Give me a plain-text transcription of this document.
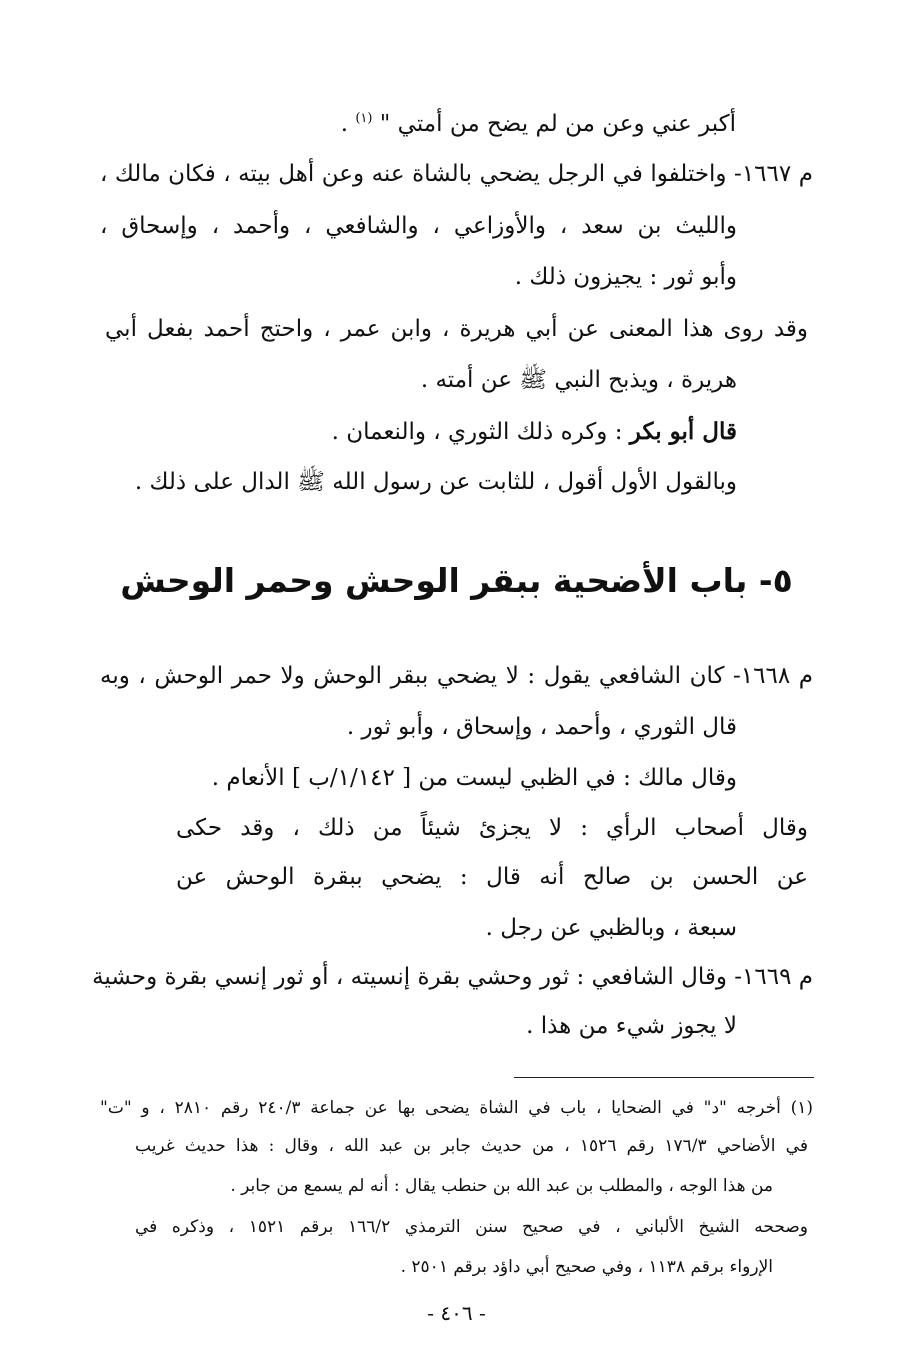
أكبر عني وعن من لم يضح من أمتي " $^{(١)}$ .
م ١٦٦٧- واختلفوا في الرجل يضحي بالشاة عنه وعن أهل بيته ، فكان مالك ،
والليث بن سعد ، والأوزاعي ، والشافعي ، وأحمد ، وإسحاق ،
وأبو ثور : يجيزون ذلك .
وقد روى هذا المعنى عن أبي هريرة ، وابن عمر ، واحتج أحمد بفعل أبي
هريرة ، ويذبح النبي ﷺ عن أمته .
قال أبو بكر : وكره ذلك الثوري ، والنعمان .
وبالقول الأول أقول ، للثابت عن رسول الله ﷺ الدال على ذلك .
٥- باب الأضحية ببقر الوحش وحمر الوحش
م ١٦٦٨- كان الشافعي يقول : لا يضحي ببقر الوحش ولا حمر الوحش ، وبه
قال الثوري ، وأحمد ، وإسحاق ، وأبو ثور .
وقال مالك : في الظبي ليست من [ ١/١٤٢/ب ] الأنعام .
وقال أصحاب الرأي : لا يجزئ شيئاً من ذلك ، وقد حكى
عن الحسن بن صالح أنه قال : يضحي ببقرة الوحش عن
سبعة ، وبالظبي عن رجل .
م ١٦٦٩- وقال الشافعي : ثور وحشي بقرة إنسيته ، أو ثور إنسي بقرة وحشية
لا يجوز شيء من هذا .
(١) أخرجه "د" في الضحايا ، باب في الشاة يضحى بها عن جماعة ٢٤٠/٣ رقم ٢٨١٠ ، و "ت"
في الأضاحي ١٧٦/٣ رقم ١٥٢٦ ، من حديث جابر بن عبد الله ، وقال : هذا حديث غريب
من هذا الوجه ، والمطلب بن عبد الله بن حنطب يقال : أنه لم يسمع من جابر .
وصححه الشيخ الألباني ، في صحيح سنن الترمذي ١٦٦/٢ برقم ١٥٢١ ، وذكره في
الإرواء برقم ١١٣٨ ، وفي صحيح أبي داؤد برقم ٢٥٠١ .
- ٤٠٦ -
